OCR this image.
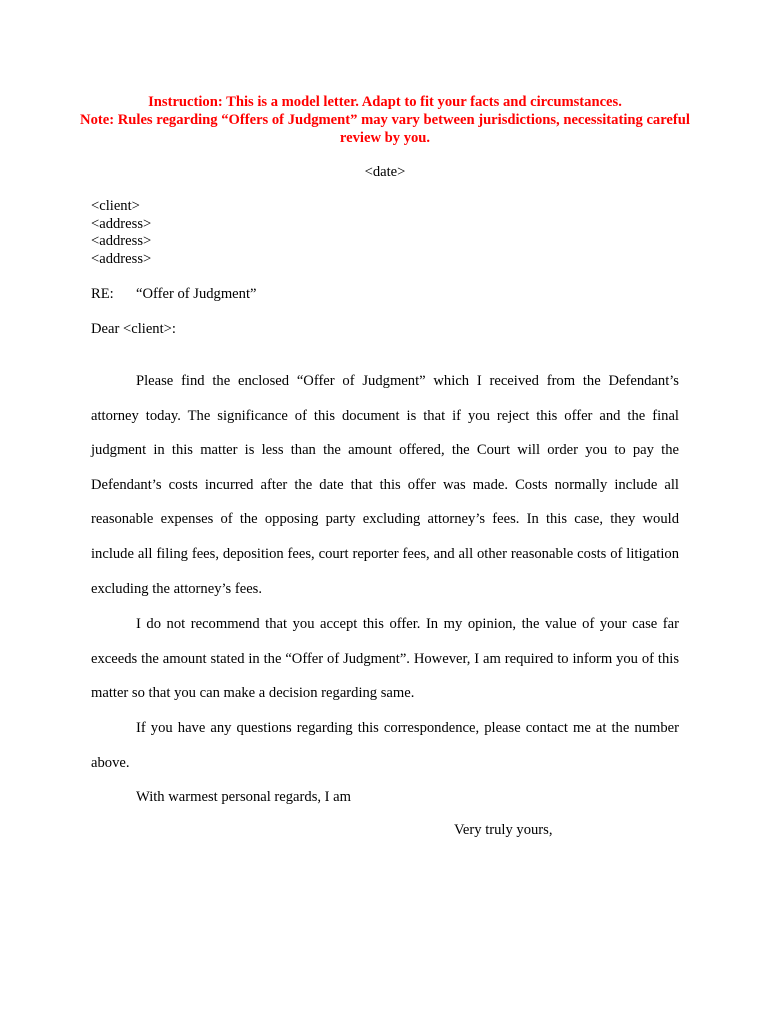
Instruction: This is a model letter. Adapt to fit your facts and circumstances.
Note: Rules regarding “Offers of Judgment” may vary between jurisdictions, necessitating careful review by you.
<date>
<client>
<address>
<address>
<address>
RE: “Offer of Judgment”
Dear <client>:

Please find the enclosed “Offer of Judgment” which I received from the Defendant’s attorney today. The significance of this document is that if you reject this offer and the final judgment in this matter is less than the amount offered, the Court will order you to pay the Defendant’s costs incurred after the date that this offer was made. Costs normally include all reasonable expenses of the opposing party excluding attorney’s fees. In this case, they would include all filing fees, deposition fees, court reporter fees, and all other reasonable costs of litigation excluding the attorney’s fees.

I do not recommend that you accept this offer. In my opinion, the value of your case far exceeds the amount stated in the “Offer of Judgment”. However, I am required to inform you of this matter so that you can make a decision regarding same.

If you have any questions regarding this correspondence, please contact me at the number above.

With warmest personal regards, I am

Very truly yours,
